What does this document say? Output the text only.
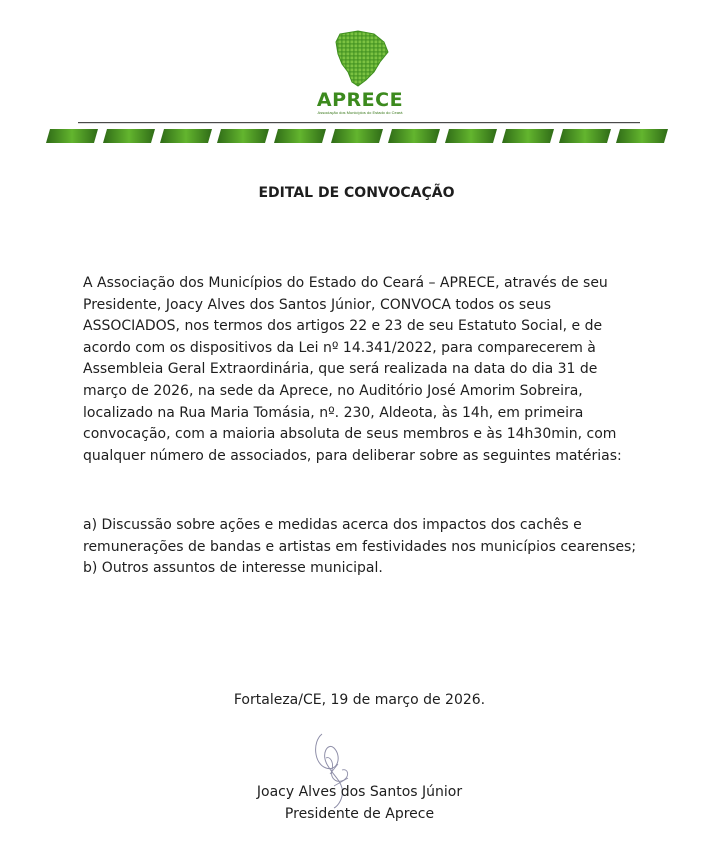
APRECE
Associação dos Municípios do Estado do Ceará
EDITAL DE CONVOCAÇÃO

A Associação dos Municípios do Estado do Ceará – APRECE, através de seu Presidente, Joacy Alves dos Santos Júnior, CONVOCA todos os seus ASSOCIADOS, nos termos dos artigos 22 e 23 de seu Estatuto Social, e de acordo com os dispositivos da Lei nº 14.341/2022, para comparecerem à Assembleia Geral Extraordinária, que será realizada na data do dia 31 de março de 2026, na sede da Aprece, no Auditório José Amorim Sobreira, localizado na Rua Maria Tomásia, nº. 230, Aldeota, às 14h, em primeira convocação, com a maioria absoluta de seus membros e às 14h30min, com qualquer número de associados, para deliberar sobre as seguintes matérias:

a) Discussão sobre ações e medidas acerca dos impactos dos cachês e remunerações de bandas e artistas em festividades nos municípios cearenses;

b) Outros assuntos de interesse municipal.

Fortaleza/CE, 19 de março de 2026.
Joacy Alves dos Santos Júnior
Presidente de Aprece
